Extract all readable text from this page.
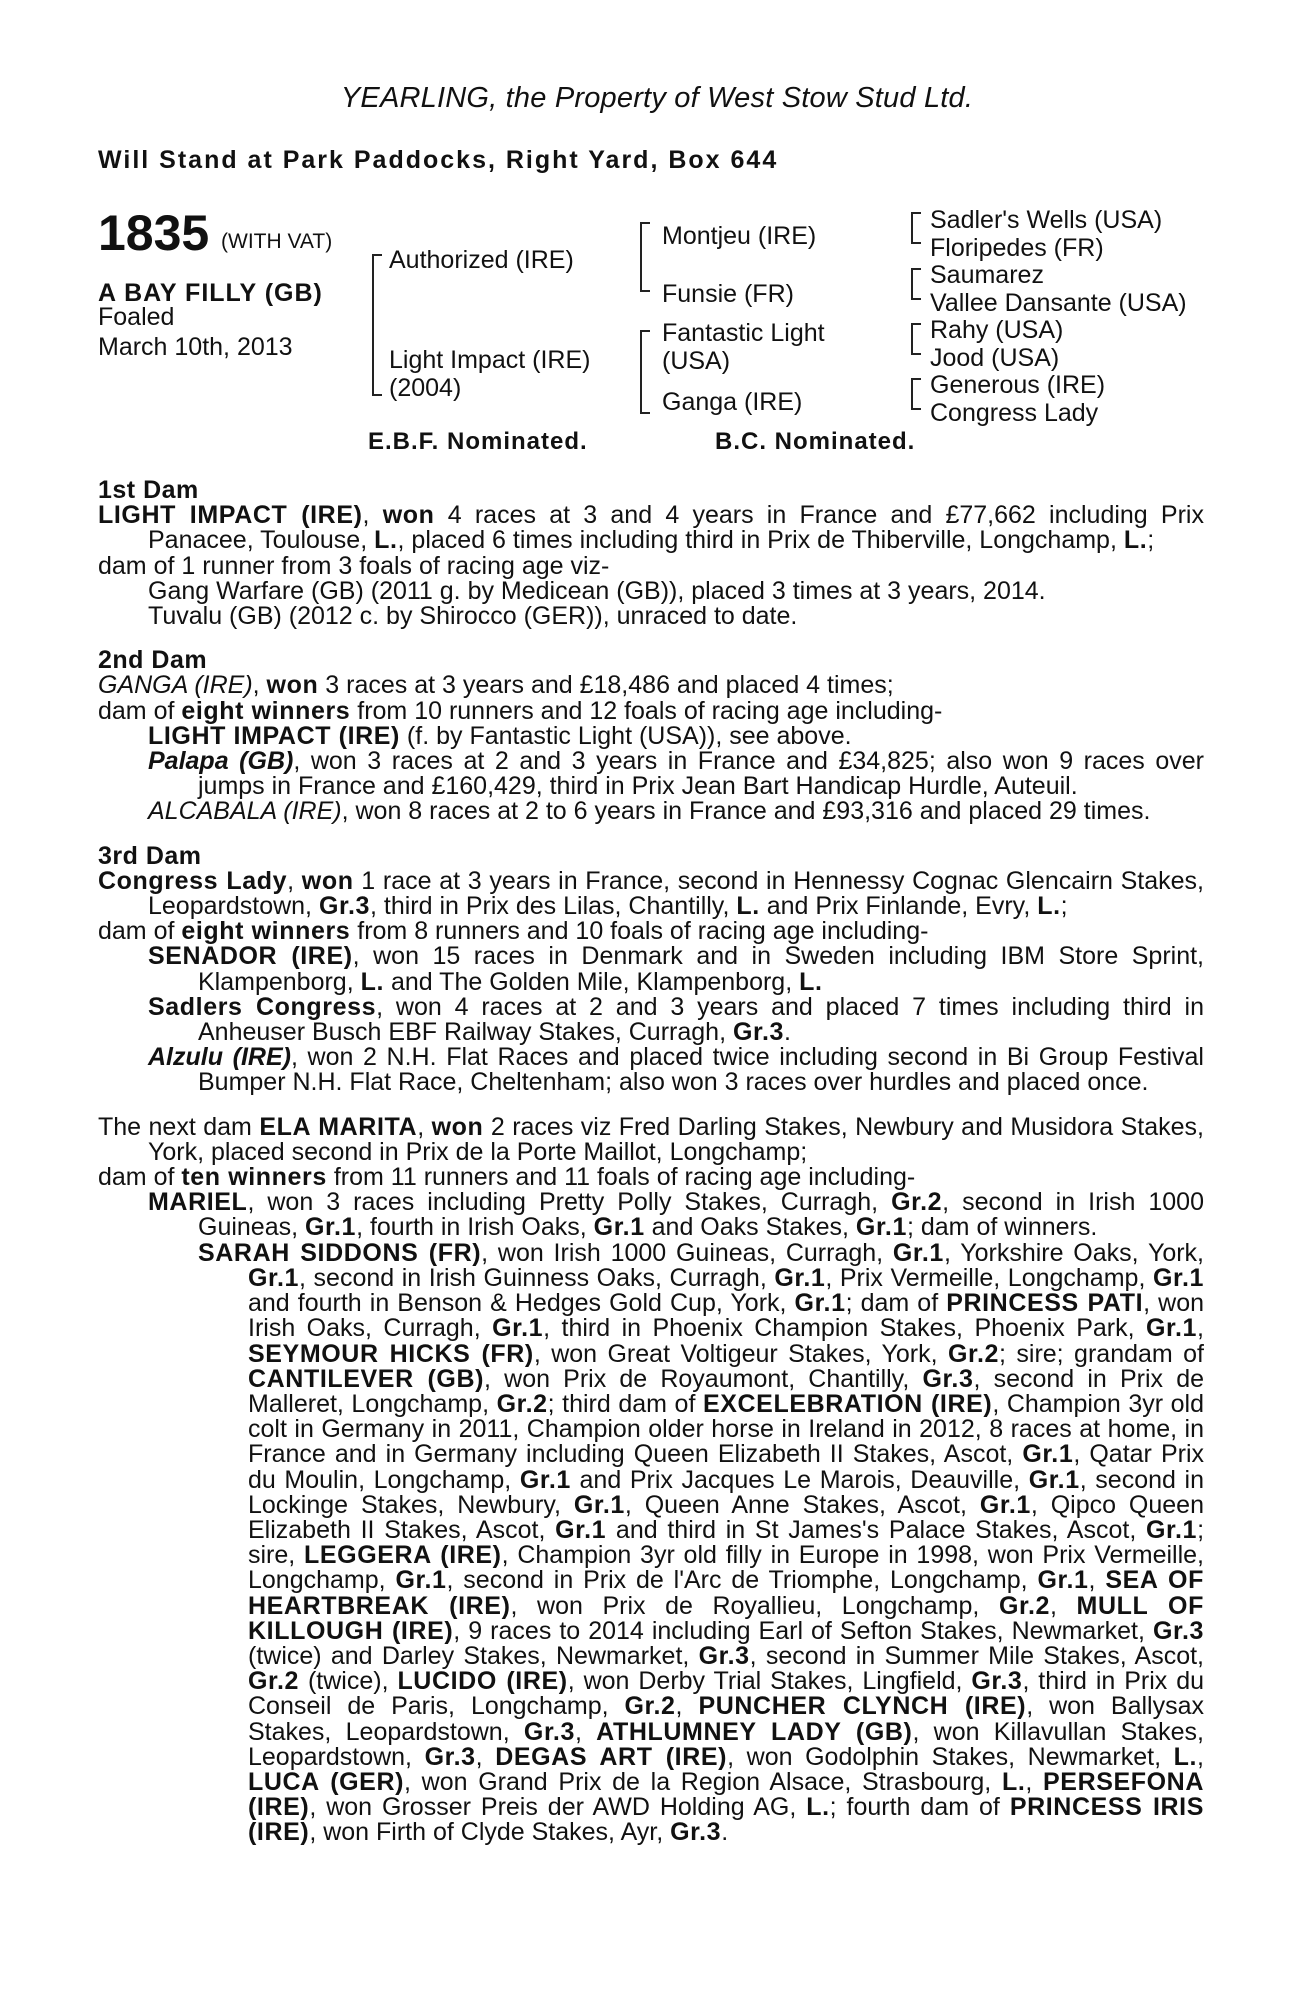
YEARLING, the Property of West Stow Stud Ltd.
Will Stand at Park Paddocks, Right Yard, Box 644
1835 (WITH VAT)
A BAY FILLY (GB)
Foaled
March 10th, 2013
Authorized (IRE)
Light Impact (IRE)
(2004)
Montjeu (IRE)
Funsie (FR)
Fantastic Light
(USA)
Ganga (IRE)
Sadler's Wells (USA)
Floripedes (FR)
Saumarez
Vallee Dansante (USA)
Rahy (USA)
Jood (USA)
Generous (IRE)
Congress Lady
E.B.F. Nominated.	B.C. Nominated.
1st Dam

LIGHT IMPACT (IRE), won 4 races at 3 and 4 years in France and £77,662 including Prix Panacee, Toulouse, L., placed 6 times including third in Prix de Thiberville, Longchamp, L.;

dam of 1 runner from 3 foals of racing age viz-

Gang Warfare (GB) (2011 g. by Medicean (GB)), placed 3 times at 3 years, 2014.

Tuvalu (GB) (2012 c. by Shirocco (GER)), unraced to date.

2nd Dam

GANGA (IRE), won 3 races at 3 years and £18,486 and placed 4 times;

dam of eight winners from 10 runners and 12 foals of racing age including-

LIGHT IMPACT (IRE) (f. by Fantastic Light (USA)), see above.

Palapa (GB), won 3 races at 2 and 3 years in France and £34,825; also won 9 races over jumps in France and £160,429, third in Prix Jean Bart Handicap Hurdle, Auteuil.

ALCABALA (IRE), won 8 races at 2 to 6 years in France and £93,316 and placed 29 times.

3rd Dam

Congress Lady, won 1 race at 3 years in France, second in Hennessy Cognac Glencairn Stakes, Leopardstown, Gr.3, third in Prix des Lilas, Chantilly, L. and Prix Finlande, Evry, L.;

dam of eight winners from 8 runners and 10 foals of racing age including-

SENADOR (IRE), won 15 races in Denmark and in Sweden including IBM Store Sprint, Klampenborg, L. and The Golden Mile, Klampenborg, L.

Sadlers Congress, won 4 races at 2 and 3 years and placed 7 times including third in Anheuser Busch EBF Railway Stakes, Curragh, Gr.3.

Alzulu (IRE), won 2 N.H. Flat Races and placed twice including second in Bi Group Festival Bumper N.H. Flat Race, Cheltenham; also won 3 races over hurdles and placed once.

The next dam ELA MARITA, won 2 races viz Fred Darling Stakes, Newbury and Musidora Stakes, York, placed second in Prix de la Porte Maillot, Longchamp;

dam of ten winners from 11 runners and 11 foals of racing age including-

MARIEL, won 3 races including Pretty Polly Stakes, Curragh, Gr.2, second in Irish 1000 Guineas, Gr.1, fourth in Irish Oaks, Gr.1 and Oaks Stakes, Gr.1; dam of winners.

SARAH SIDDONS (FR), won Irish 1000 Guineas, Curragh, Gr.1, Yorkshire Oaks, York, Gr.1, second in Irish Guinness Oaks, Curragh, Gr.1, Prix Vermeille, Longchamp, Gr.1 and fourth in Benson & Hedges Gold Cup, York, Gr.1; dam of PRINCESS PATI, won Irish Oaks, Curragh, Gr.1, third in Phoenix Champion Stakes, Phoenix Park, Gr.1, SEYMOUR HICKS (FR), won Great Voltigeur Stakes, York, Gr.2; sire; grandam of CANTILEVER (GB), won Prix de Royaumont, Chantilly, Gr.3, second in Prix de Malleret, Longchamp, Gr.2; third dam of EXCELEBRATION (IRE), Champion 3yr old colt in Germany in 2011, Champion older horse in Ireland in 2012, 8 races at home, in France and in Germany including Queen Elizabeth II Stakes, Ascot, Gr.1, Qatar Prix du Moulin, Longchamp, Gr.1 and Prix Jacques Le Marois, Deauville, Gr.1, second in Lockinge Stakes, Newbury, Gr.1, Queen Anne Stakes, Ascot, Gr.1, Qipco Queen Elizabeth II Stakes, Ascot, Gr.1 and third in St James's Palace Stakes, Ascot, Gr.1; sire, LEGGERA (IRE), Champion 3yr old filly in Europe in 1998, won Prix Vermeille, Longchamp, Gr.1, second in Prix de l'Arc de Triomphe, Longchamp, Gr.1, SEA OF HEARTBREAK (IRE), won Prix de Royallieu, Longchamp, Gr.2, MULL OF KILLOUGH (IRE), 9 races to 2014 including Earl of Sefton Stakes, Newmarket, Gr.3 (twice) and Darley Stakes, Newmarket, Gr.3, second in Summer Mile Stakes, Ascot, Gr.2 (twice), LUCIDO (IRE), won Derby Trial Stakes, Lingfield, Gr.3, third in Prix du Conseil de Paris, Longchamp, Gr.2, PUNCHER CLYNCH (IRE), won Ballysax Stakes, Leopardstown, Gr.3, ATHLUMNEY LADY (GB), won Killavullan Stakes, Leopardstown, Gr.3, DEGAS ART (IRE), won Godolphin Stakes, Newmarket, L., LUCA (GER), won Grand Prix de la Region Alsace, Strasbourg, L., PERSEFONA (IRE), won Grosser Preis der AWD Holding AG, L.; fourth dam of PRINCESS IRIS (IRE), won Firth of Clyde Stakes, Ayr, Gr.3.
